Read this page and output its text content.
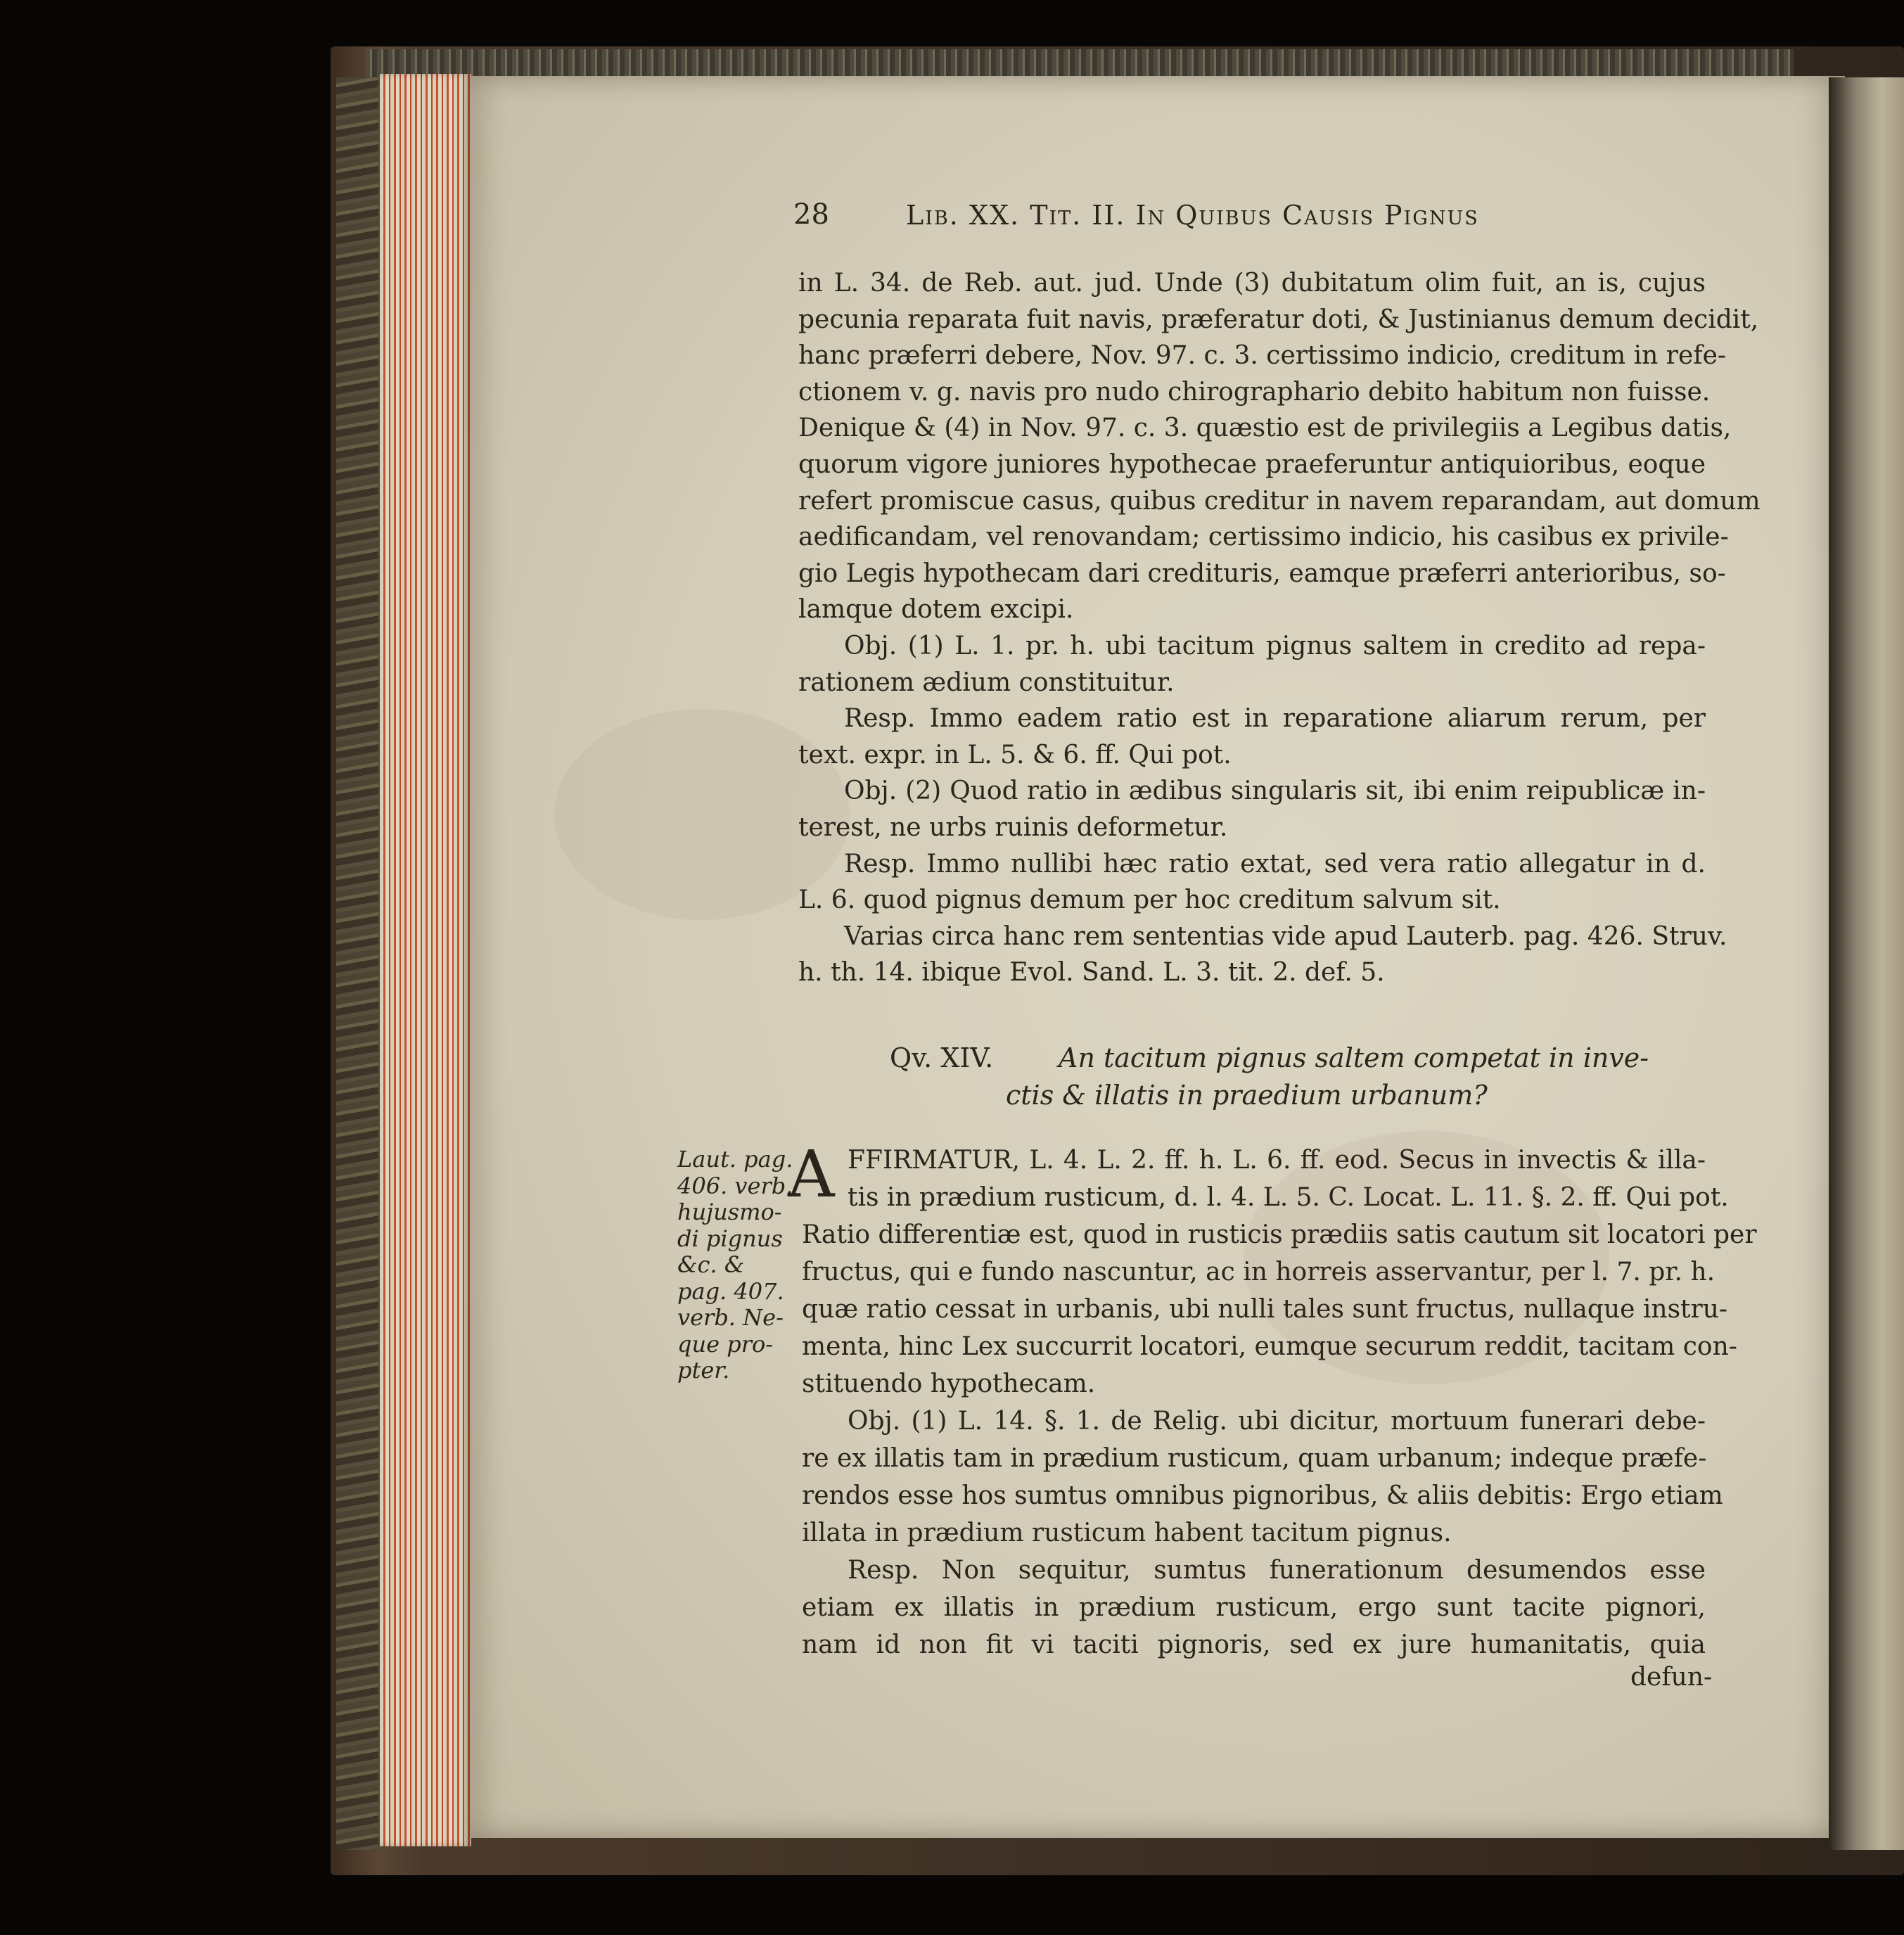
28	Lib. XX. Tit. II. In Quibus Causis Pignus
in L. 34. de Reb. aut. jud. Unde (3) dubitatum olim fuit, an is, cujus
pecunia reparata fuit navis, præferatur doti, & Justinianus demum decidit,
hanc præferri debere, Nov. 97. c. 3. certissimo indicio, creditum in refe-
ctionem v. g. navis pro nudo chirographario debito habitum non fuisse.
Denique & (4) in Nov. 97. c. 3. quæstio est de privilegiis a Legibus datis,
quorum vigore juniores hypothecae praeferuntur antiquioribus, eoque
refert promiscue casus, quibus creditur in navem reparandam, aut domum
aedificandam, vel renovandam; certissimo indicio, his casibus ex privile-
gio Legis hypothecam dari credituris, eamque præferri anterioribus, so-
lamque dotem excipi.
Obj. (1) L. 1. pr. h. ubi tacitum pignus saltem in credito ad repa-
rationem ædium constituitur.
Resp. Immo eadem ratio est in reparatione aliarum rerum, per
text. expr. in L. 5. & 6. ff. Qui pot.
Obj. (2) Quod ratio in ædibus singularis sit, ibi enim reipublicæ in-
terest, ne urbs ruinis deformetur.
Resp. Immo nullibi hæc ratio extat, sed vera ratio allegatur in d.
L. 6. quod pignus demum per hoc creditum salvum sit.
Varias circa hanc rem sententias vide apud Lauterb. pag. 426. Struv.
h. th. 14. ibique Evol. Sand. L. 3. tit. 2. def. 5.
Qv. XIV. An tacitum pignus saltem competat in inve-
ctis & illatis in praedium urbanum?
Laut. pag.
406. verb.
hujusmo-
di pignus
&c. &
pag. 407.
verb. Ne-
que pro-
pter.
A FFIRMATUR, L. 4. L. 2. ff. h. L. 6. ff. eod. Secus in invectis & illa-
tis in prædium rusticum, d. l. 4. L. 5. C. Locat. L. 11. §. 2. ff. Qui pot.
Ratio differentiæ est, quod in rusticis prædiis satis cautum sit locatori per
fructus, qui e fundo nascuntur, ac in horreis asservantur, per l. 7. pr. h.
quæ ratio cessat in urbanis, ubi nulli tales sunt fructus, nullaque instru-
menta, hinc Lex succurrit locatori, eumque securum reddit, tacitam con-
stituendo hypothecam.
Obj. (1) L. 14. §. 1. de Relig. ubi dicitur, mortuum funerari debe-
re ex illatis tam in prædium rusticum, quam urbanum; indeque præfe-
rendos esse hos sumtus omnibus pignoribus, & aliis debitis: Ergo etiam
illata in prædium rusticum habent tacitum pignus.
Resp. Non sequitur, sumtus funerationum desumendos esse
etiam ex illatis in prædium rusticum, ergo sunt tacite pignori,
nam id non fit vi taciti pignoris, sed ex jure humanitatis, quia
defun-
